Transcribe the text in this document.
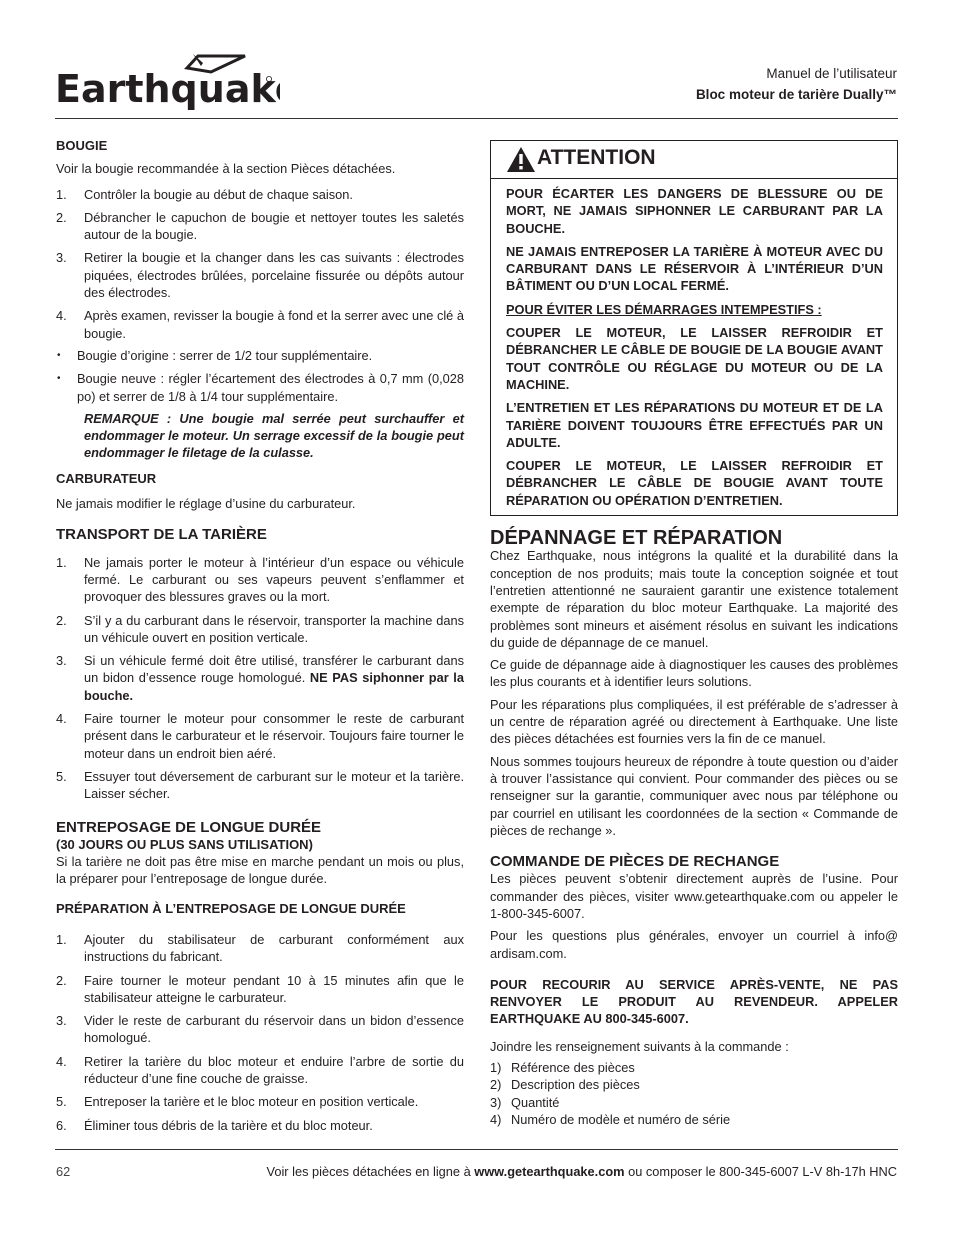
Earthquake	Manuel de l’utilisateur
Bloc moteur de tarière Dually™
BOUGIE

Voir la bougie recommandée à la section Pièces détachées.

1. Contrôler la bougie au début de chaque saison.
2. Débrancher le capuchon de bougie et nettoyer toutes les saletés autour de la bougie.
3. Retirer la bougie et la changer dans les cas suivants : électrodes piquées, électrodes brûlées, porcelaine fissurée ou dépôts autour des électrodes.
4. Après examen, revisser la bougie à fond et la serrer avec une clé à bougie.
• Bougie d’origine : serrer de 1/2 tour supplémentaire.
• Bougie neuve : régler l’écartement des électrodes à 0,7 mm (0,028 po) et serrer de 1/8 à 1/4 tour supplémentaire.

REMARQUE : Une bougie mal serrée peut surchauffer et endommager le moteur. Un serrage excessif de la bougie peut endommager le filetage de la culasse.

CARBURATEUR

Ne jamais modifier le réglage d’usine du carburateur.

TRANSPORT DE LA TARIÈRE
1. Ne jamais porter le moteur à l’intérieur d’un espace ou véhicule fermé. Le carburant ou ses vapeurs peuvent s’enflammer et provoquer des blessures graves ou la mort.
2. S’il y a du carburant dans le réservoir, transporter la machine dans un véhicule ouvert en position verticale.
3. Si un véhicule fermé doit être utilisé, transférer le carburant dans un bidon d’essence rouge homologué. NE PAS siphonner par la bouche.
4. Faire tourner le moteur pour consommer le reste de carburant présent dans le carburateur et le réservoir. Toujours faire tourner le moteur dans un endroit bien aéré.
5. Essuyer tout déversement de carburant sur le moteur et la tarière. Laisser sécher.
ENTREPOSAGE DE LONGUE DURÉE
(30 JOURS OU PLUS SANS UTILISATION)

Si la tarière ne doit pas être mise en marche pendant un mois ou plus, la préparer pour l’entreposage de longue durée.

PRÉPARATION À L’ENTREPOSAGE DE LONGUE DURÉE
1. Ajouter du stabilisateur de carburant conformément aux instructions du fabricant.
2. Faire tourner le moteur pendant 10 à 15 minutes afin que le stabilisateur atteigne le carburateur.
3. Vider le reste de carburant du réservoir dans un bidon d’essence homologué.
4. Retirer la tarière du bloc moteur et enduire l’arbre de sortie du réducteur d’une fine couche de graisse.
5. Entreposer la tarière et le bloc moteur en position verticale.
6. Éliminer tous débris de la tarière et du bloc moteur.
ATTENTION

POUR ÉCARTER LES DANGERS DE BLESSURE OU DE MORT, NE JAMAIS SIPHONNER LE CARBURANT PAR LA BOUCHE.

NE JAMAIS ENTREPOSER LA TARIÈRE À MOTEUR AVEC DU CARBURANT DANS LE RÉSERVOIR À L’INTÉRIEUR D’UN BÂTIMENT OU D’UN LOCAL FERMÉ.

POUR ÉVITER LES DÉMARRAGES INTEMPESTIFS :

COUPER LE MOTEUR, LE LAISSER REFROIDIR ET DÉBRANCHER LE CÂBLE DE BOUGIE DE LA BOUGIE AVANT TOUT CONTRÔLE OU RÉGLAGE DU MOTEUR OU DE LA MACHINE.

L’ENTRETIEN ET LES RÉPARATIONS DU MOTEUR ET DE LA TARIÈRE DOIVENT TOUJOURS ÊTRE EFFECTUÉS PAR UN ADULTE.

COUPER LE MOTEUR, LE LAISSER REFROIDIR ET DÉBRANCHER LE CÂBLE DE BOUGIE AVANT TOUTE RÉPARATION OU OPÉRATION D’ENTRETIEN.

DÉPANNAGE ET RÉPARATION

Chez Earthquake, nous intégrons la qualité et la durabilité dans la conception de nos produits; mais toute la conception soignée et tout l’entretien attentionné ne sauraient garantir une existence totalement exempte de réparation du bloc moteur Earthquake. La majorité des problèmes sont mineurs et aisément résolus en suivant les indications du guide de dépannage de ce manuel.

Ce guide de dépannage aide à diagnostiquer les causes des problèmes les plus courants et à identifier leurs solutions.

Pour les réparations plus compliquées, il est préférable de s’adresser à un centre de réparation agréé ou directement à Earthquake. Une liste des pièces détachées est fournies vers la fin de ce manuel.

Nous sommes toujours heureux de répondre à toute question ou d’aider à trouver l’assistance qui convient. Pour commander des pièces ou se renseigner sur la garantie, communiquer avec nous par téléphone ou par courriel en utilisant les coordonnées de la section « Commande de pièces de rechange ».

COMMANDE DE PIÈCES DE RECHANGE

Les pièces peuvent s’obtenir directement auprès de l’usine. Pour commander des pièces, visiter www.getearthquake.com ou appeler le 1-800-345-6007.

Pour les questions plus générales, envoyer un courriel à info@ ardisam.com.

POUR RECOURIR AU SERVICE APRÈS-VENTE, NE PAS RENVOYER LE PRODUIT AU REVENDEUR. APPELER EARTHQUAKE AU 800-345-6007.

Joindre les renseignement suivants à la commande :

1) Référence des pièces
2) Description des pièces
3) Quantité
4) Numéro de modèle et numéro de série
62	Voir les pièces détachées en ligne à www.getearthquake.com ou composer le 800-345-6007 L-V 8h-17h HNC
